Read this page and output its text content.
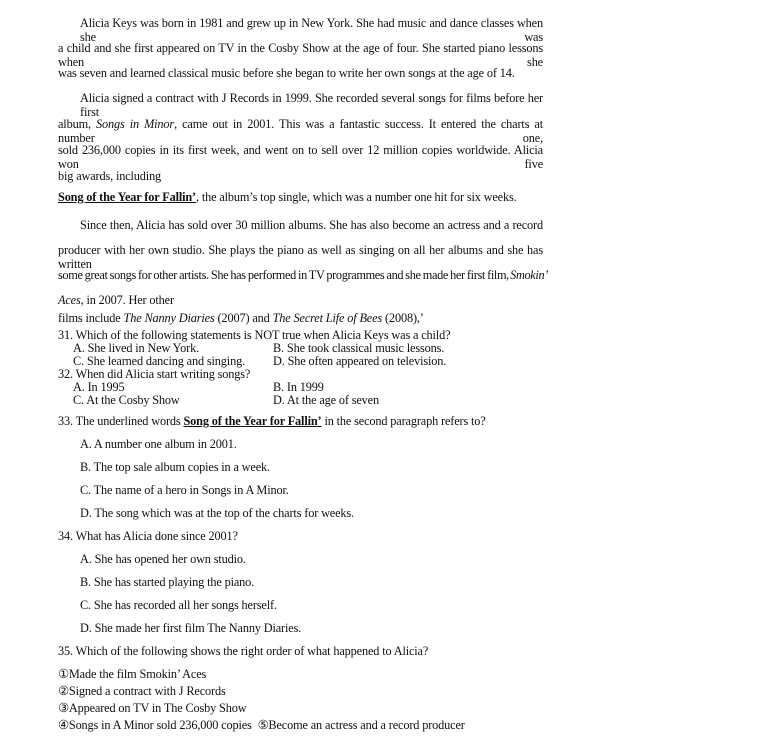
Alicia Keys was born in 1981 and grew up in New York. She had music and dance classes when she was
a child and she first appeared on TV in the Cosby Show at the age of four. She started piano lessons when she
was seven and learned classical music before she began to write her own songs at the age of 14.
Alicia signed a contract with J Records in 1999. She recorded several songs for films before her first
album, Songs in Minor, came out in 2001. This was a fantastic success. It entered the charts at number one,
sold 236,000 copies in its first week, and went on to sell over 12 million copies worldwide. Alicia won five
big awards, including
Song of the Year for Fallin’, the album’s top single, which was a number one hit for six weeks.
Since then, Alicia has sold over 30 million albums. She has also become an actress and a record
producer with her own studio. She plays the piano as well as singing on all her albums and she has written
some great songs for other artists. She has performed in TV programmes and she made her first film, Smokin’
Aces, in 2007. Her other
films include The Nanny Diaries (2007) and The Secret Life of Bees (2008),’
31. Which of the following statements is NOT true when Alicia Keys was a child?
A. She lived in New York.	B. She took classical music lessons.
C. She learned dancing and singing.	D. She often appeared on television.
32. When did Alicia start writing songs?
A. In 1995	B. In 1999
C. At the Cosby Show	D. At the age of seven
33. The underlined words Song of the Year for Fallin’ in the second paragraph refers to?
A. A number one album in 2001.
B. The top sale album copies in a week.
C. The name of a hero in Songs in A Minor.
D. The song which was at the top of the charts for weeks.
34. What has Alicia done since 2001?
A. She has opened her own studio.
B. She has started playing the piano.
C. She has recorded all her songs herself.
D. She made her first film The Nanny Diaries.
35. Which of the following shows the right order of what happened to Alicia?
①Made the film Smokin’ Aces
②Signed a contract with J Records
③Appeared on TV in The Cosby Show
④Songs in A Minor sold 236,000 copies ⑤Become an actress and a record producer
